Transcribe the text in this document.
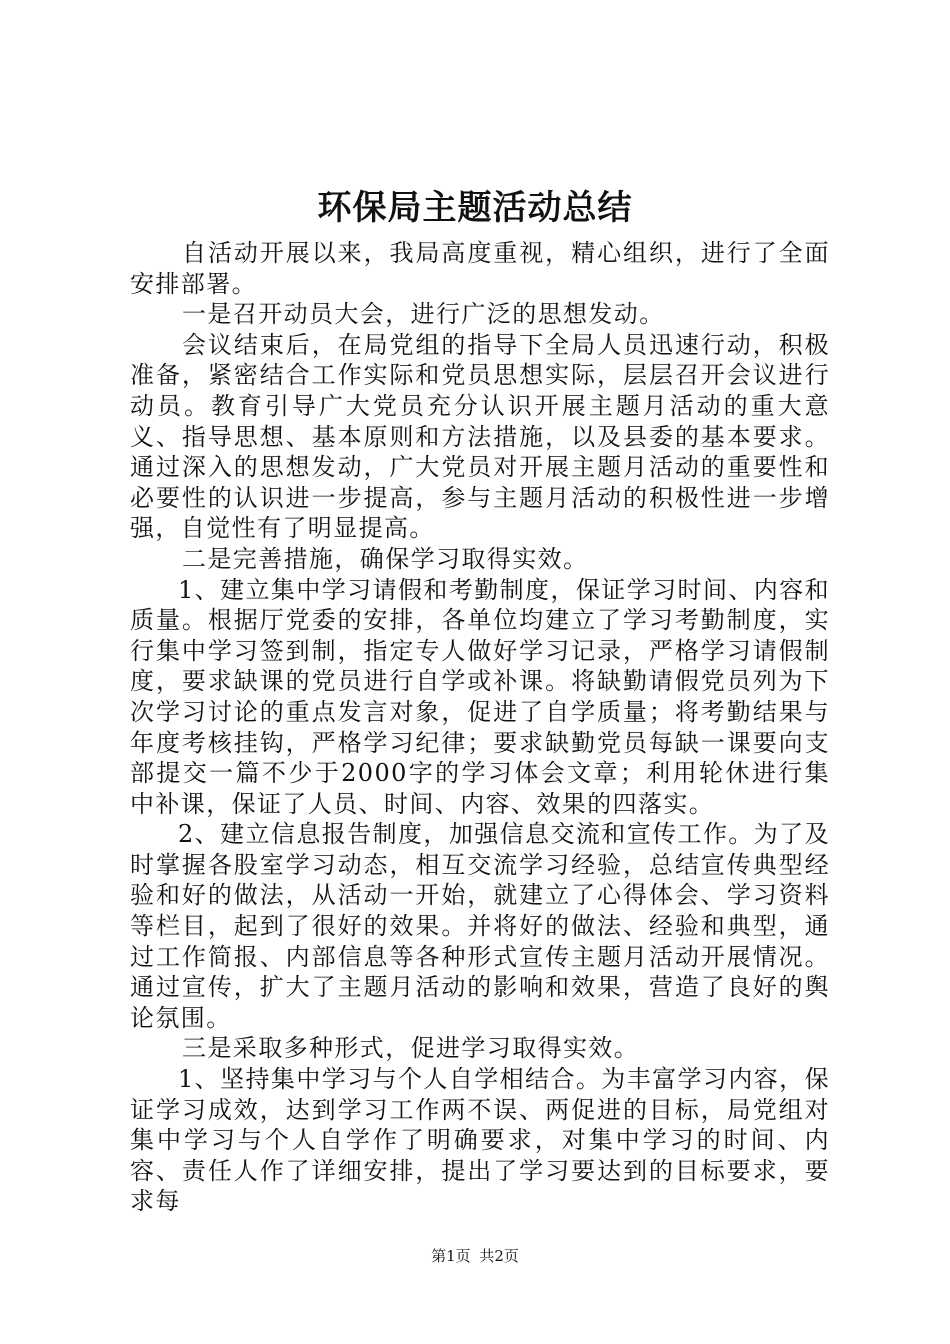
环保局主题活动总结

自活动开展以来，我局高度重视，精心组织，进行了全面安排部署。

一是召开动员大会，进行广泛的思想发动。

会议结束后，在局党组的指导下全局人员迅速行动，积极准备，紧密结合工作实际和党员思想实际，层层召开会议进行动员。教育引导广大党员充分认识开展主题月活动的重大意义、指导思想、基本原则和方法措施，以及县委的基本要求。通过深入的思想发动，广大党员对开展主题月活动的重要性和必要性的认识进一步提高，参与主题月活动的积极性进一步增强，自觉性有了明显提高。

二是完善措施，确保学习取得实效。

1、建立集中学习请假和考勤制度，保证学习时间、内容和质量。根据厅党委的安排，各单位均建立了学习考勤制度，实行集中学习签到制，指定专人做好学习记录，严格学习请假制度，要求缺课的党员进行自学或补课。将缺勤请假党员列为下次学习讨论的重点发言对象，促进了自学质量；将考勤结果与年度考核挂钩，严格学习纪律；要求缺勤党员每缺一课要向支部提交一篇不少于2000字的学习体会文章；利用轮休进行集中补课，保证了人员、时间、内容、效果的四落实。

2、建立信息报告制度，加强信息交流和宣传工作。为了及时掌握各股室学习动态，相互交流学习经验，总结宣传典型经验和好的做法，从活动一开始，就建立了心得体会、学习资料等栏目，起到了很好的效果。并将好的做法、经验和典型，通过工作简报、内部信息等各种形式宣传主题月活动开展情况。通过宣传，扩大了主题月活动的影响和效果，营造了良好的舆论氛围。

三是采取多种形式，促进学习取得实效。

1、坚持集中学习与个人自学相结合。为丰富学习内容，保证学习成效，达到学习工作两不误、两促进的目标，局党组对集中学习与个人自学作了明确要求，对集中学习的时间、内容、责任人作了详细安排，提出了学习要达到的目标要求，要求每

第1页 共2页
